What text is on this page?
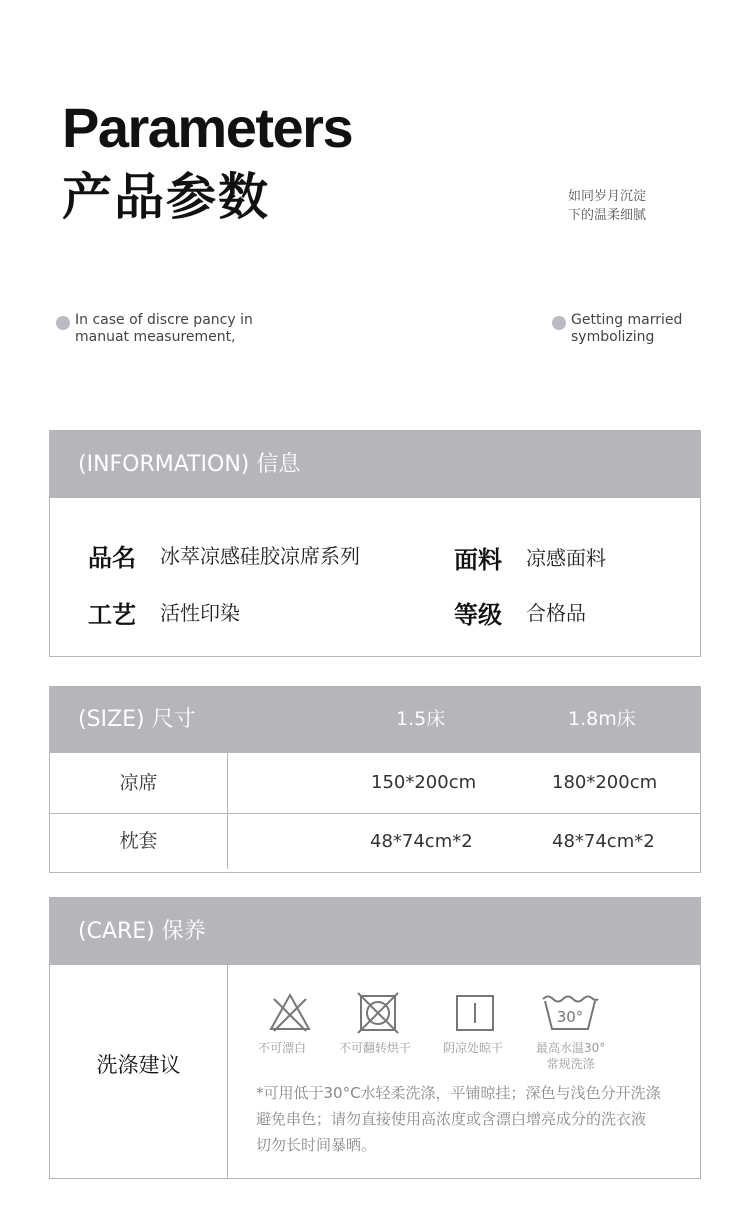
Parameters
产品参数	如同岁月沉淀
下的温柔细腻
In case of discre pancy in
manuat measurement,
Getting married
symbolizing
(INFORMATION) 信息
品名 冰萃凉感硅胶凉席系列	面料 凉感面料
工艺 活性印染	等级 合格品
(SIZE) 尺寸	1.5床	1.8m床
凉席	150*200cm	180*200cm
枕套	48*74cm*2	48*74cm*2
(CARE) 保养
洗涤建议
不可漂白	不可翻转烘干	阴凉处晾干
30°
最高水温30°
常规洗涤
*可用低于30°C水轻柔洗涤，平铺晾挂；深色与浅色分开洗涤
避免串色；请勿直接使用高浓度或含漂白增亮成分的洗衣液
切勿长时间暴晒。
